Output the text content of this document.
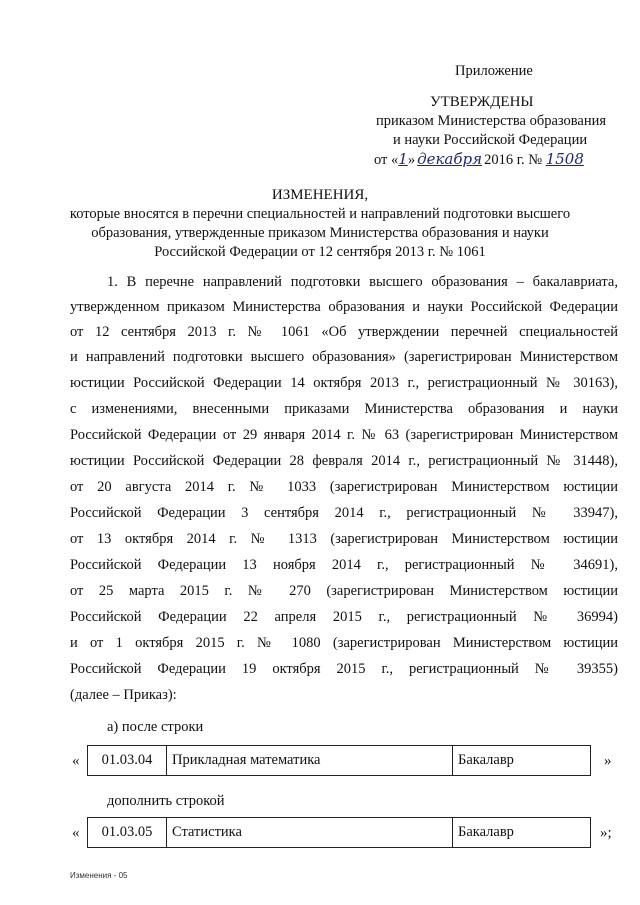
Приложение
УТВЕРЖДЕНЫ
приказом Министерства образования
и науки Российской Федерации
от «1» декабря 2016 г. № 1508
ИЗМЕНЕНИЯ,
которые вносятся в перечни специальностей и направлений подготовки высшего
образования, утвержденные приказом Министерства образования и науки
Российской Федерации от 12 сентября 2013 г. № 1061
1. В перечне направлений подготовки высшего образования – бакалавриата,
утвержденном приказом Министерства образования и науки Российской Федерации
от 12 сентября 2013 г. № 1061 «Об утверждении перечней специальностей
и направлений подготовки высшего образования» (зарегистрирован Министерством
юстиции Российской Федерации 14 октября 2013 г., регистрационный № 30163),
с изменениями, внесенными приказами Министерства образования и науки
Российской Федерации от 29 января 2014 г. № 63 (зарегистрирован Министерством
юстиции Российской Федерации 28 февраля 2014 г., регистрационный № 31448),
от 20 августа 2014 г. № 1033 (зарегистрирован Министерством юстиции
Российской Федерации 3 сентября 2014 г., регистрационный № 33947),
от 13 октября 2014 г. № 1313 (зарегистрирован Министерством юстиции
Российской Федерации 13 ноября 2014 г., регистрационный № 34691),
от 25 марта 2015 г. № 270 (зарегистрирован Министерством юстиции
Российской Федерации 22 апреля 2015 г., регистрационный № 36994)
и от 1 октября 2015 г. № 1080 (зарегистрирован Министерством юстиции
Российской Федерации 19 октября 2015 г., регистрационный № 39355)
(далее – Приказ):
а) после строки
« 01.03.04	Прикладная математика	Бакалавр	»
дополнить строкой
« 01.03.05	Статистика	Бакалавр	»;
Изменения - 05
